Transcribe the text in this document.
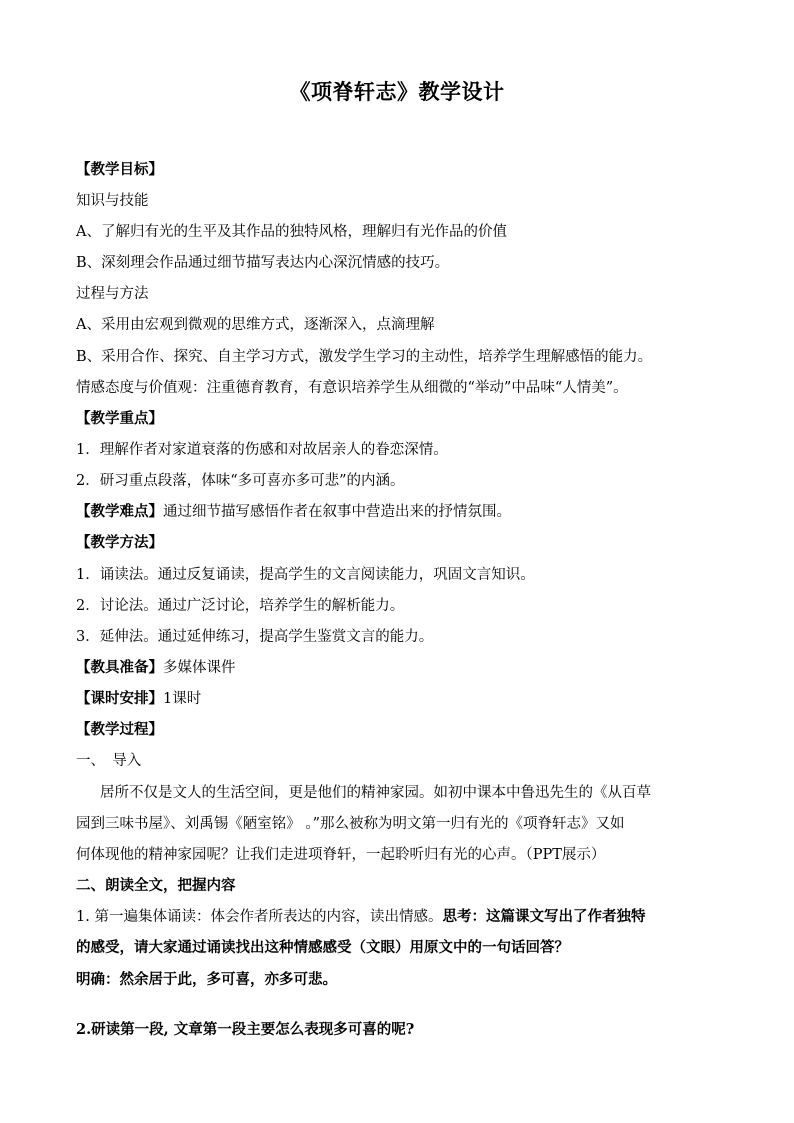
《项脊轩志》教学设计
【教学目标】
知识与技能
A、了解归有光的生平及其作品的独特风格，理解归有光作品的价值
B、深刻理会作品通过细节描写表达内心深沉情感的技巧。
过程与方法
A、采用由宏观到微观的思维方式，逐渐深入，点滴理解
B、采用合作、探究、自主学习方式，激发学生学习的主动性，培养学生理解感悟的能力。
情感态度与价值观：注重德育教育，有意识培养学生从细微的“举动”中品味“人情美”。
【教学重点】
1．理解作者对家道衰落的伤感和对故居亲人的眷恋深情。
2．研习重点段落，体味“多可喜亦多可悲”的内涵。
【教学难点】通过细节描写感悟作者在叙事中营造出来的抒情氛围。
【教学方法】
1．诵读法。通过反复诵读，提高学生的文言阅读能力，巩固文言知识。
2．讨论法。通过广泛讨论，培养学生的解析能力。
3．延伸法。通过延伸练习，提高学生鉴赏文言的能力。
【教具准备】多媒体课件
【课时安排】1课时
【教学过程】
一、　导入
居所不仅是文人的生活空间，更是他们的精神家园。如初中课本中鲁迅先生的《从百草
园到三味书屋》、刘禹锡《陋室铭》 。”那么被称为明文第一归有光的《项脊轩志》又如
何体现他的精神家园呢？让我们走进项脊轩，一起聆听归有光的心声。（PPT展示）
二、朗读全文，把握内容
1. 第一遍集体诵读：体会作者所表达的内容，读出情感。思考：这篇课文写出了作者独特
的感受，请大家通过诵读找出这种情感感受（文眼）用原文中的一句话回答？
明确：然余居于此，多可喜，亦多可悲。
2.研读第一段, 文章第一段主要怎么表现多可喜的呢?
